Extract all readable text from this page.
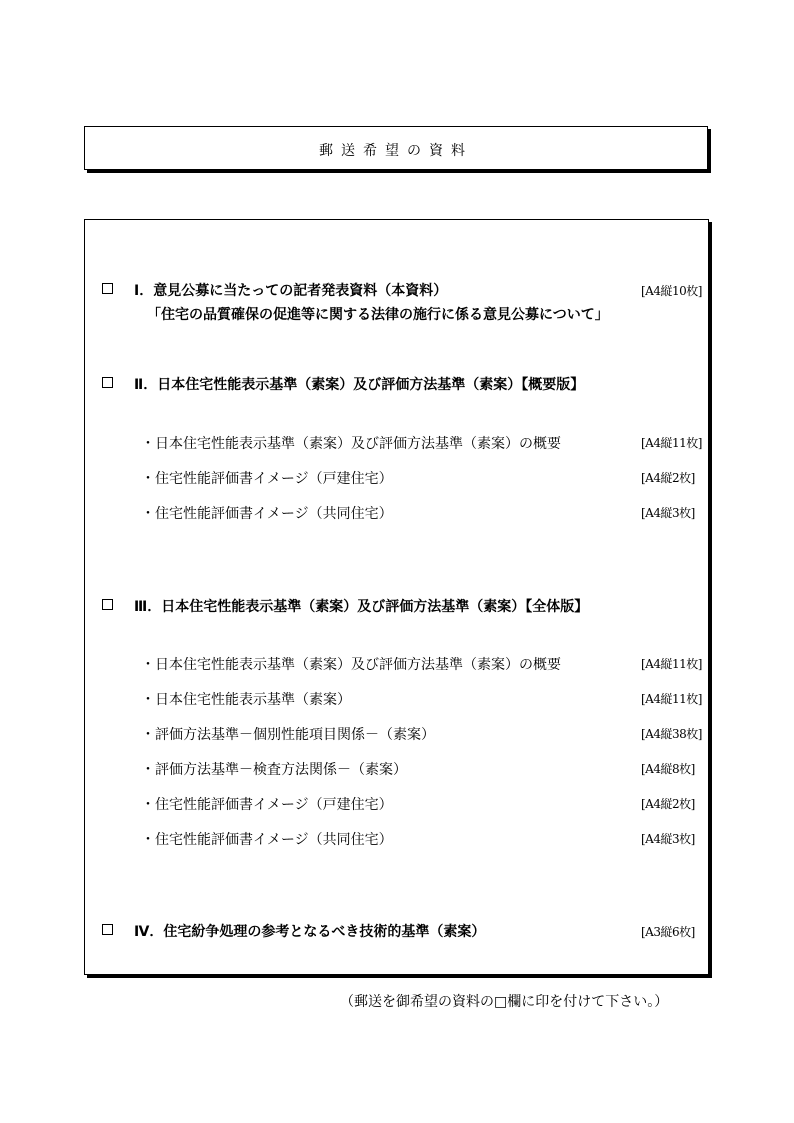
郵送希望の資料
Ⅰ．意見公募に当たっての記者発表資料（本資料）	[A4縦10枚]
「住宅の品質確保の促進等に関する法律の施行に係る意見公募について」
Ⅱ．日本住宅性能表示基準（素案）及び評価方法基準（素案）【概要版】
・日本住宅性能表示基準（素案）及び評価方法基準（素案）の概要	[A4縦11枚]
・住宅性能評価書イメージ（戸建住宅）	[A4縦2枚]
・住宅性能評価書イメージ（共同住宅）	[A4縦3枚]
Ⅲ．日本住宅性能表示基準（素案）及び評価方法基準（素案）【全体版】
・日本住宅性能表示基準（素案）及び評価方法基準（素案）の概要	[A4縦11枚]
・日本住宅性能表示基準（素案）	[A4縦11枚]
・評価方法基準－個別性能項目関係－（素案）	[A4縦38枚]
・評価方法基準－検査方法関係－（素案）	[A4縦8枚]
・住宅性能評価書イメージ（戸建住宅）	[A4縦2枚]
・住宅性能評価書イメージ（共同住宅）	[A4縦3枚]
Ⅳ．住宅紛争処理の参考となるべき技術的基準（素案）	[A3縦6枚]
（郵送を御希望の資料の□欄に印を付けて下さい。）
